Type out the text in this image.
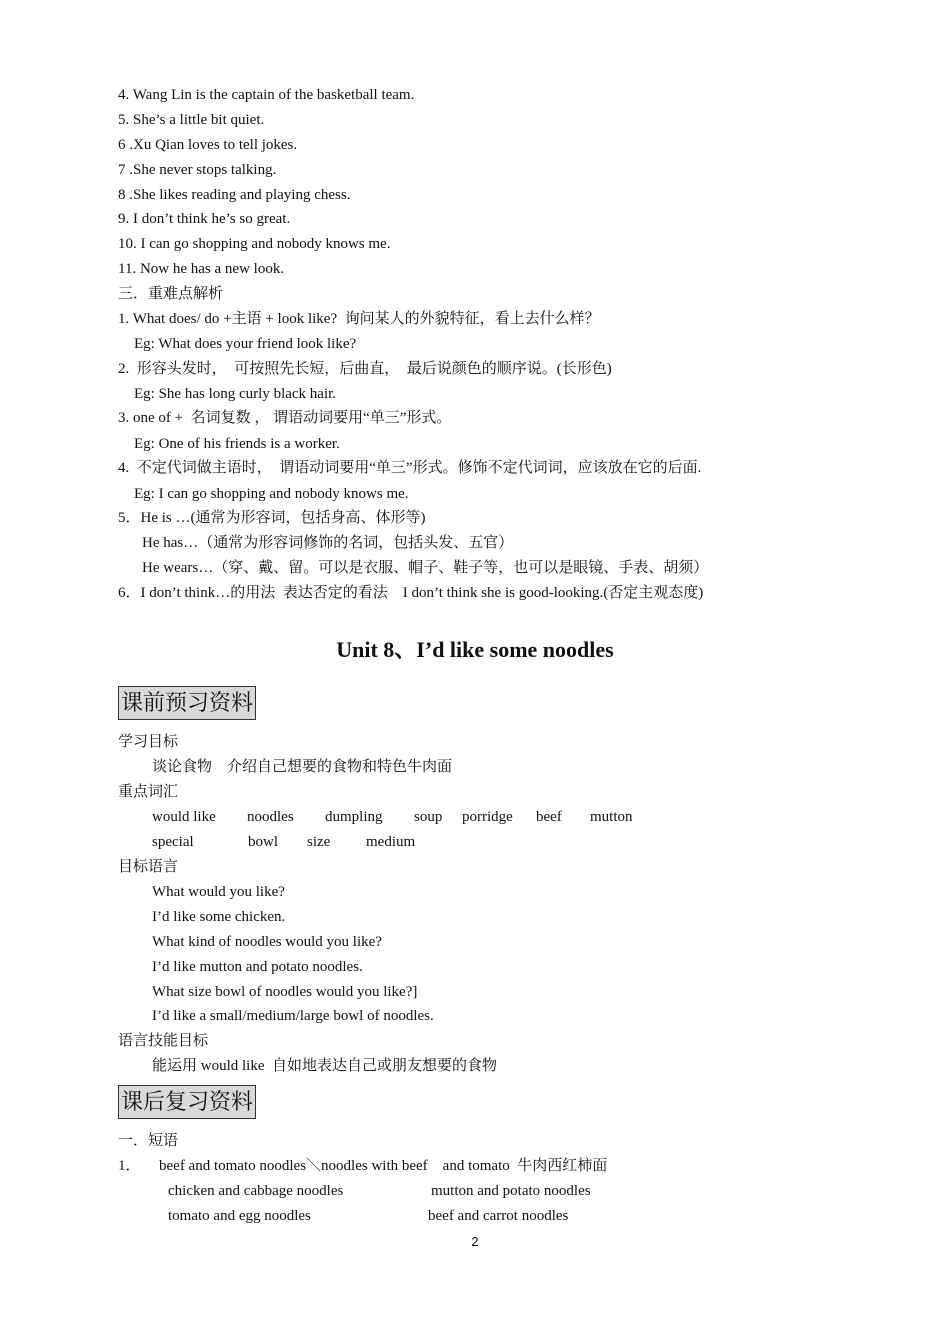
4. Wang Lin is the captain of the basketball team.
5. She’s a little bit quiet.
6 .Xu Qian loves to tell jokes.
7 .She never stops talking.
8 .She likes reading and playing chess.
9. I don’t think he’s so great.
10. I can go shopping and nobody knows me.
11. Now he has a new look.
三．重难点解析
1. What does/ do +主语 + look like?  询问某人的外貌特征，看上去什么样？
Eg: What does your friend look like?
2.  形容头发时，  可按照先长短，后曲直，  最后说颜色的顺序说。(长形色)
Eg: She has long curly black hair.
3. one of +  名词复数 ， 谓语动词要用“单三”形式。
Eg: One of his friends is a worker.
4.  不定代词做主语时，  谓语动词要用“单三”形式。修饰不定代词词，应该放在它的后面.
Eg: I can go shopping and nobody knows me.
5．He is …(通常为形容词，包括身高、体形等)
He has…（通常为形容词修饰的名词，包括头发、五官）
He wears…（穿、戴、留。可以是衣服、帽子、鞋子等，也可以是眼镜、手表、胡须）
6．I don’t think…的用法  表达否定的看法    I don’t think she is good-looking.(否定主观态度)
Unit 8、I’d like some noodles
课前预习资料
学习目标
谈论食物    介绍自己想要的食物和特色牛肉面
重点词汇
would like noodles dumpling soup porridge beef mutton
special	bowl size medium
目标语言
What would you like?
I’d like some chicken.
What kind of noodles would you like?
I’d like mutton and potato noodles.
What size bowl of noodles would you like?]
I’d like a small/medium/large bowl of noodles.
语言技能目标
能运用 would like  自如地表达自己或朋友想要的食物
课后复习资料
一．短语
1． beef and tomato noodles＼noodles with beef    and tomato  牛肉西红柿面
chicken and cabbage noodles	mutton and potato noodles
tomato and egg noodles	beef and carrot noodles
2
